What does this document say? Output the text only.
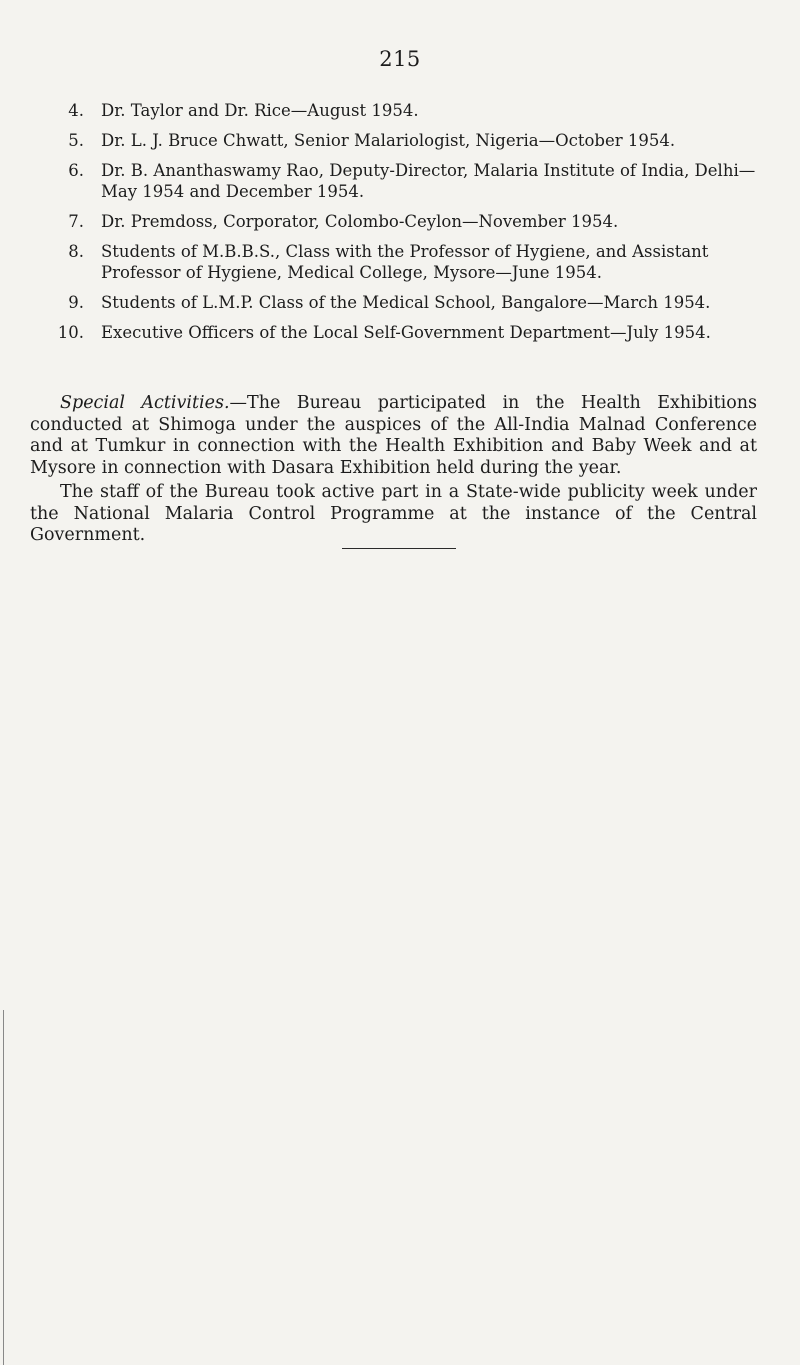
215
4. Dr. Taylor and Dr. Rice—August 1954.
5. Dr. L. J. Bruce Chwatt, Senior Malariologist, Nigeria—October 1954.
6. Dr. B. Ananthaswamy Rao, Deputy-Director, Malaria Institute of India, Delhi—May 1954 and December 1954.
7. Dr. Premdoss, Corporator, Colombo-Ceylon—November 1954.
8. Students of M.B.B.S., Class with the Professor of Hygiene, and Assistant Professor of Hygiene, Medical College, Mysore—June 1954.
9. Students of L.M.P. Class of the Medical School, Bangalore—March 1954.
10. Executive Officers of the Local Self-Government Department—July 1954.

Special Activities.—The Bureau participated in the Health Exhibitions conducted at Shimoga under the auspices of the All-India Malnad Conference and at Tumkur in connection with the Health Exhibition and Baby Week and at Mysore in connection with Dasara Exhibition held during the year.

The staff of the Bureau took active part in a State-wide publicity week under the National Malaria Control Programme at the instance of the Central Government.
